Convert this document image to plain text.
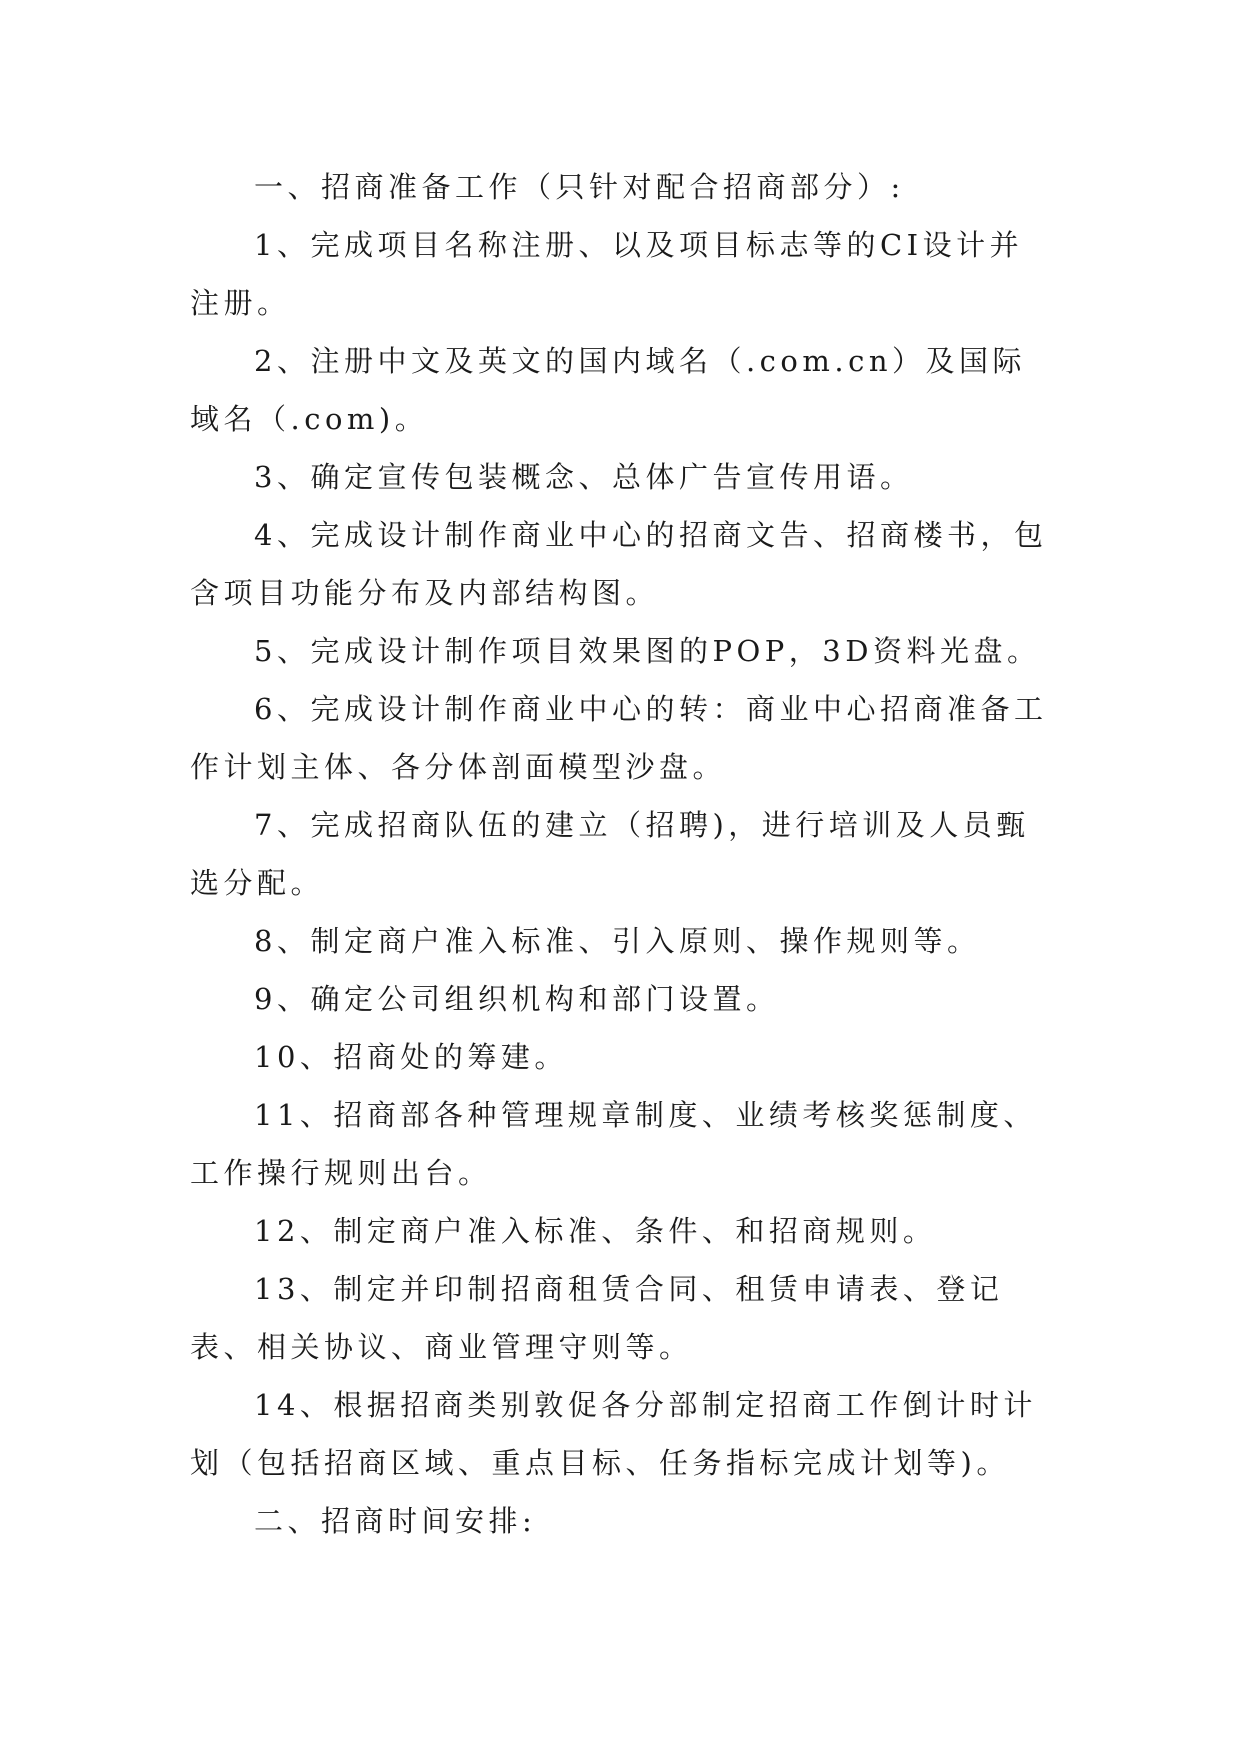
一、招商准备工作（只针对配合招商部分）:

1、完成项目名称注册、以及项目标志等的CI设计并注册。

2、注册中文及英文的国内域名（.com.cn）及国际域名（.com)。

3、确定宣传包装概念、总体广告宣传用语。

4、完成设计制作商业中心的招商文告、招商楼书，包含项目功能分布及内部结构图。

5、完成设计制作项目效果图的POP，3D资料光盘。

6、完成设计制作商业中心的转：商业中心招商准备工作计划主体、各分体剖面模型沙盘。

7、完成招商队伍的建立（招聘)，进行培训及人员甄选分配。

8、制定商户准入标准、引入原则、操作规则等。

9、确定公司组织机构和部门设置。

10、招商处的筹建。

11、招商部各种管理规章制度、业绩考核奖惩制度、工作操行规则出台。

12、制定商户准入标准、条件、和招商规则。

13、制定并印制招商租赁合同、租赁申请表、登记表、相关协议、商业管理守则等。

14、根据招商类别敦促各分部制定招商工作倒计时计划（包括招商区域、重点目标、任务指标完成计划等)。

二、招商时间安排:
